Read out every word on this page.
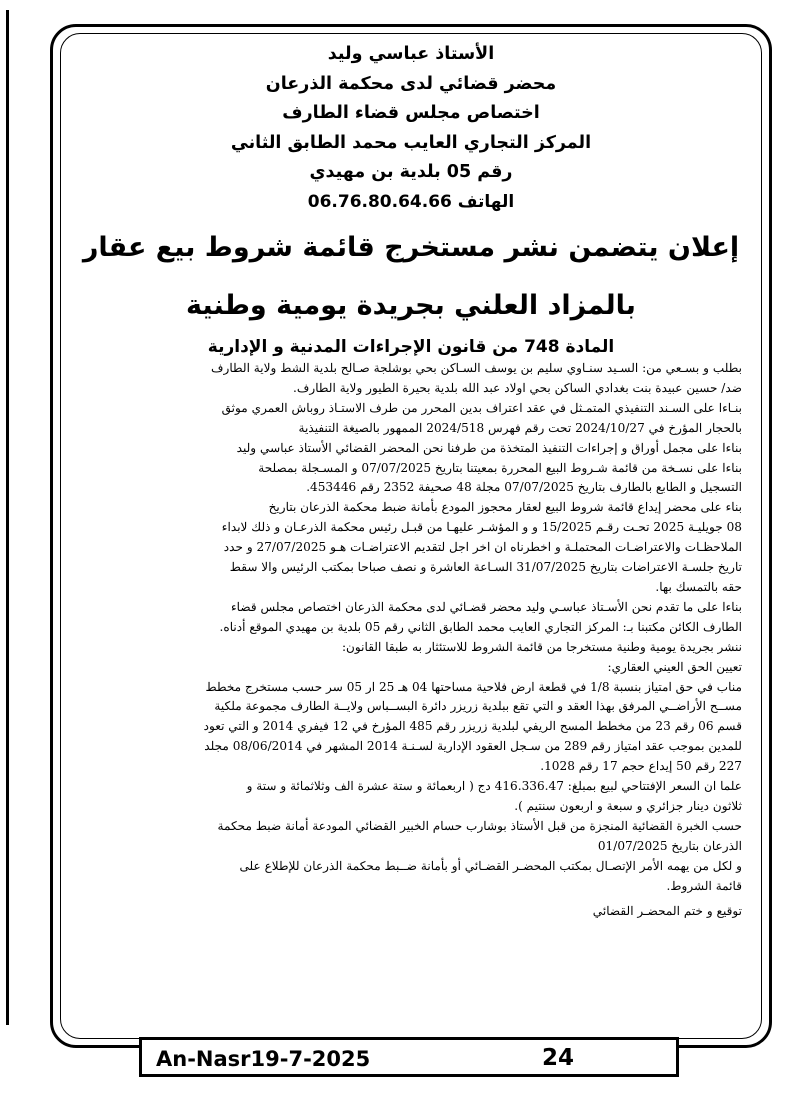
الأستاذ عباسي وليد
محضر قضائي لدى محكمة الذرعان
اختصاص مجلس قضاء الطارف
المركز التجاري العايب محمد الطابق الثاني
رقم 05 بلدية بن مهيدي
الهاتف 06.76.80.64.66
إعلان يتضمن نشر مستخرج قائمة شروط بيع عقار
بالمزاد العلني بجريدة يومية وطنية
المادة 748 من قانون الإجراءات المدنية و الإدارية

بطلب و بسـعي من: السـيد سنـاوي سليم بن يوسف السـاكن بحي بوشلجة صـالح بلدية الشط ولاية الطارف

ضد/ حسين عبيدة بنت بغدادي الساكن بحي اولاد عبد الله بلدية بحيرة الطيور ولاية الطارف.

بنـاءا على السـند التنفيذي المتمـثل في عقد اعتراف بدين المحرر من طرف الاستـاذ روباش العمري موثق

بالحجار المؤرخ في 2024/10/27 تحت رقم فهرس 2024/518 الممهور بالصيغة التنفيذية

بناءا على مجمل أوراق و إجراءات التنفيذ المتخذة من طرفنا نحن المحضر القضائي الأستاذ عباسي وليد

بناءا على نسـخة من قائمة شـروط البيع المحررة بمعيتنا بتاريخ 07/07/2025 و المسـجلة بمصلحة

التسجيل و الطابع بالطارف بتاريخ 07/07/2025 مجلة 48 صحيفة 2352 رقم 453446.

بناء على محضر إيداع قائمة شروط البيع لعقار محجوز المودع بأمانة ضبط محكمة الذرعان بتاريخ

08 جويليـة 2025 تحـت رقـم 15/2025 و و المؤشـر عليهـا من قبـل رئيس محكمة الذرعـان و ذلك لابداء

الملاحظـات والاعتراضـات المحتملـة و اخطرناه ان اخر اجل لتقديم الاعتراضـات هـو 27/07/2025 و حدد

تاريخ جلسـة الاعتراضات بتاريخ 31/07/2025 السـاعة العاشرة و نصف صباحا بمكتب الرئيس والا سقط

حقه بالتمسك بها.

بناءا على ما تقدم نحن الأسـتاذ عباسـي وليد محضر قضـائي لدى محكمة الذرعان اختصاص مجلس قضاء

الطارف الكائن مكتبنا بـ: المركز التجاري العايب محمد الطابق الثاني رقم 05 بلدية بن مهيدي الموقع أدناه.

ننشر بجريدة يومية وطنية مستخرجا من قائمة الشروط للاستئثار به طبقا القانون:

تعيين الحق العيني العقاري:

مناب في حق امتياز بنسبة 1/8 في قطعة ارض فلاحية مساحتها 04 هـ 25 ار 05 سر حسب مستخرج مخطط

مســح الأراضــي المرفق بهذا العقد و التي تقع ببلدية زريزر دائرة البســباس ولايــة الطارف مجموعة ملكية

قسم 06 رقم 23 من مخطط المسح الريفي لبلدية زريزر رقم 485 المؤرخ في 12 فيفري 2014 و التي تعود

للمدين بموجب عقد امتياز رقم 289 من سـجل العقود الإدارية لسـنـة 2014 المشهر في 08/06/2014 مجلد

227 رقم 50 إيداع حجم 17 رقم 1028.

علما ان السعر الإفتتاحي لبيع بمبلغ: 416.336.47 دج ( اربعمائة و ستة عشرة الف وثلاثمائة و ستة و

ثلاثون دينار جزائري و سبعة و اربعون سنتيم ).

حسب الخبرة القضائية المنجزة من قبل الأستاذ بوشارب حسام الخبير القضائي المودعة أمانة ضبط محكمة

الذرعان بتاريخ 01/07/2025

و لكل من يهمه الأمر الإتصـال بمكتب المحضـر القضـائي أو بأمانة ضــبط محكمة الذرعان للإطلاع على

قائمة الشروط.

توقيع و ختم المحضـر القضائي
An-Nasr19-7-2025	24
